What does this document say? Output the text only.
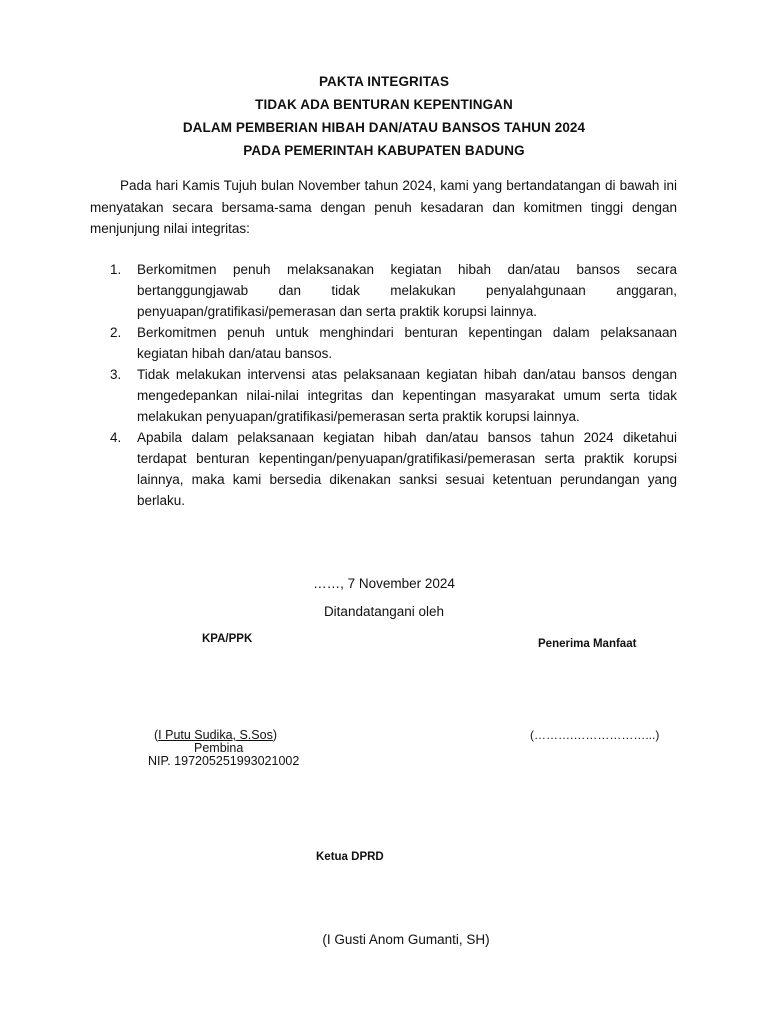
PAKTA INTEGRITAS
TIDAK ADA BENTURAN KEPENTINGAN
DALAM PEMBERIAN HIBAH DAN/ATAU BANSOS TAHUN 2024
PADA PEMERINTAH KABUPATEN BADUNG
Pada hari Kamis Tujuh bulan November tahun 2024, kami yang bertandatangan di bawah ini menyatakan secara bersama-sama dengan penuh kesadaran dan komitmen tinggi dengan menjunjung nilai integritas:
1. Berkomitmen penuh melaksanakan kegiatan hibah dan/atau bansos secara bertanggungjawab dan tidak melakukan penyalahgunaan anggaran, penyuapan/gratifikasi/pemerasan dan serta praktik korupsi lainnya.
2. Berkomitmen penuh untuk menghindari benturan kepentingan dalam pelaksanaan kegiatan hibah dan/atau bansos.
3. Tidak melakukan intervensi atas pelaksanaan kegiatan hibah dan/atau bansos dengan mengedepankan nilai-nilai integritas dan kepentingan masyarakat umum serta tidak melakukan penyuapan/gratifikasi/pemerasan serta praktik korupsi lainnya.
4. Apabila dalam pelaksanaan kegiatan hibah dan/atau bansos tahun 2024 diketahui terdapat benturan kepentingan/penyuapan/gratifikasi/pemerasan serta praktik korupsi lainnya, maka kami bersedia dikenakan sanksi sesuai ketentuan perundangan yang berlaku.
……, 7 November 2024
Ditandatangani oleh
KPA/PPK	Penerima Manfaat
(I Putu Sudika, S.Sos)
Pembina
NIP. 197205251993021002
(……….………………...)
Ketua DPRD
(I Gusti Anom Gumanti, SH)
